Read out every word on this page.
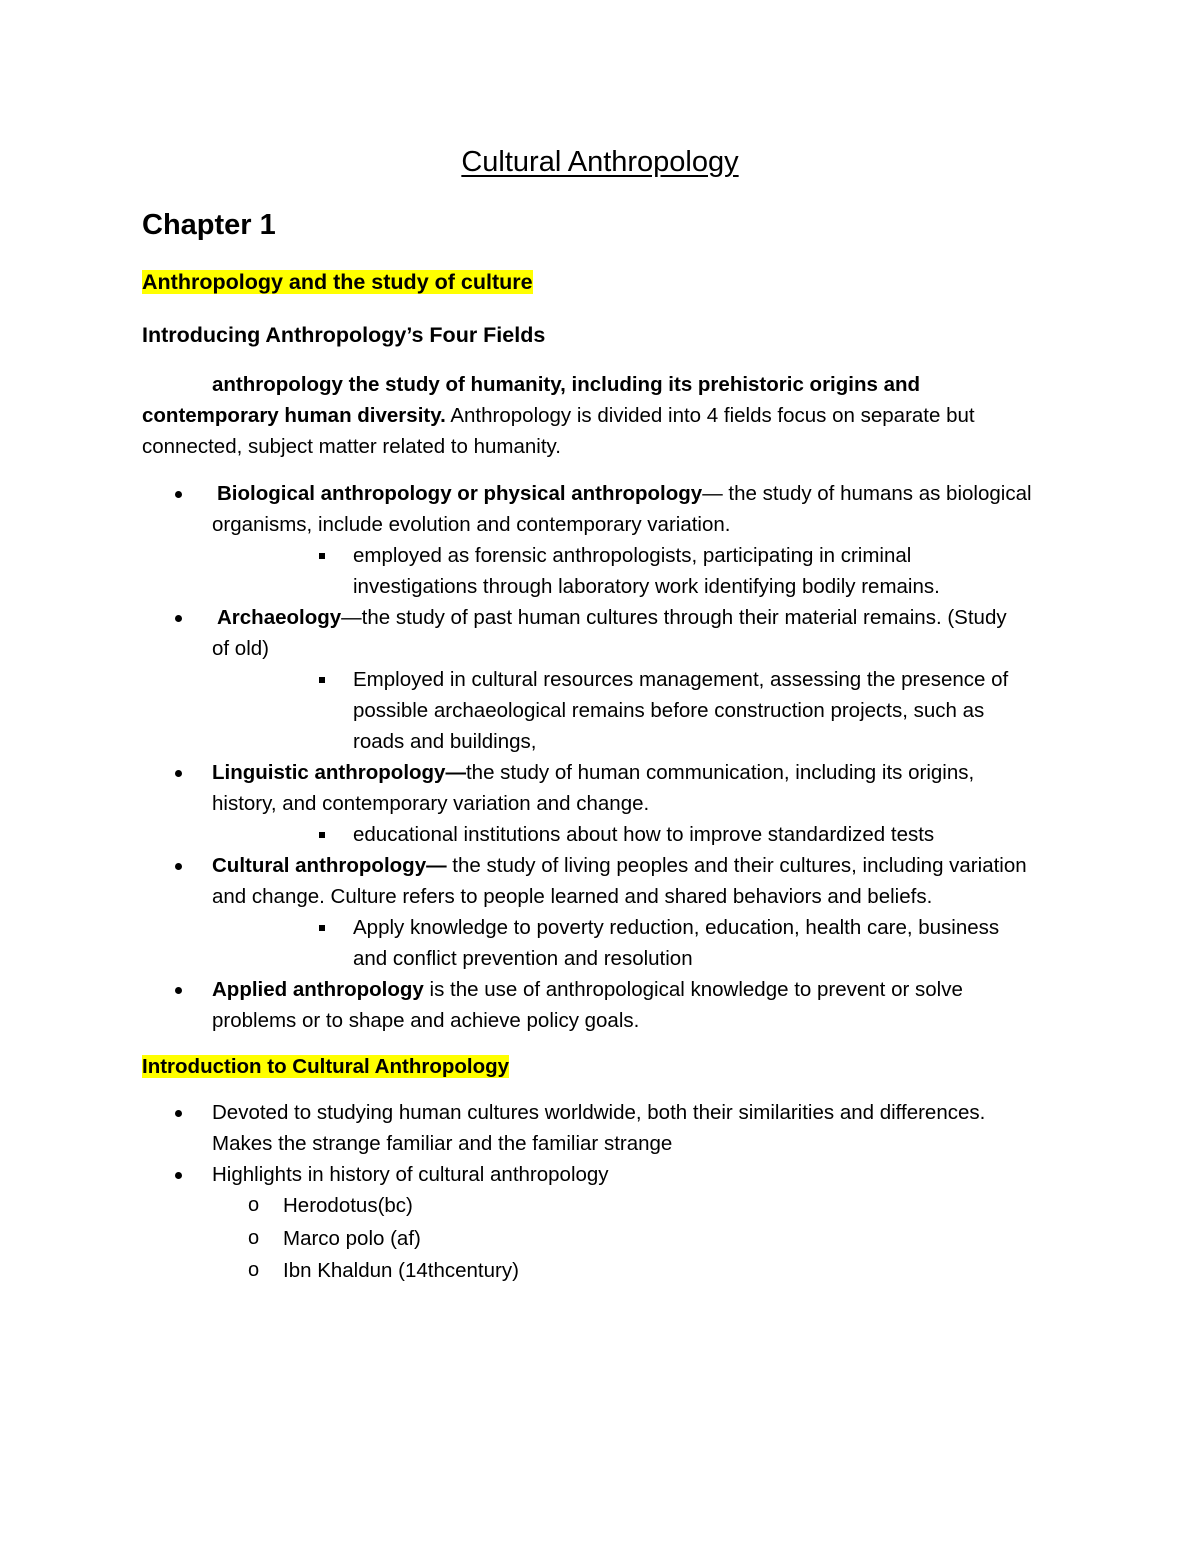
Cultural Anthropology
Chapter 1
Anthropology and the study of culture
Introducing Anthropology’s Four Fields
anthropology the study of humanity, including its prehistoric origins and
contemporary human diversity. Anthropology is divided into 4 fields focus on separate but
connected, subject matter related to humanity.
Biological anthropology or physical anthropology— the study of humans as biological
organisms, include evolution and contemporary variation.
employed as forensic anthropologists, participating in criminal
investigations through laboratory work identifying bodily remains.
Archaeology—the study of past human cultures through their material remains. (Study
of old)
Employed in cultural resources management, assessing the presence of
possible archaeological remains before construction projects, such as
roads and buildings,
Linguistic anthropology—the study of human communication, including its origins,
history, and contemporary variation and change.
educational institutions about how to improve standardized tests
Cultural anthropology— the study of living peoples and their cultures, including variation
and change. Culture refers to people learned and shared behaviors and beliefs.
Apply knowledge to poverty reduction, education, health care, business
and conflict prevention and resolution
Applied anthropology is the use of anthropological knowledge to prevent or solve
problems or to shape and achieve policy goals.
Introduction to Cultural Anthropology
Devoted to studying human cultures worldwide, both their similarities and differences.
Makes the strange familiar and the familiar strange
Highlights in history of cultural anthropology
o Herodotus(bc)
o Marco polo (af)
o Ibn Khaldun (14thcentury)
